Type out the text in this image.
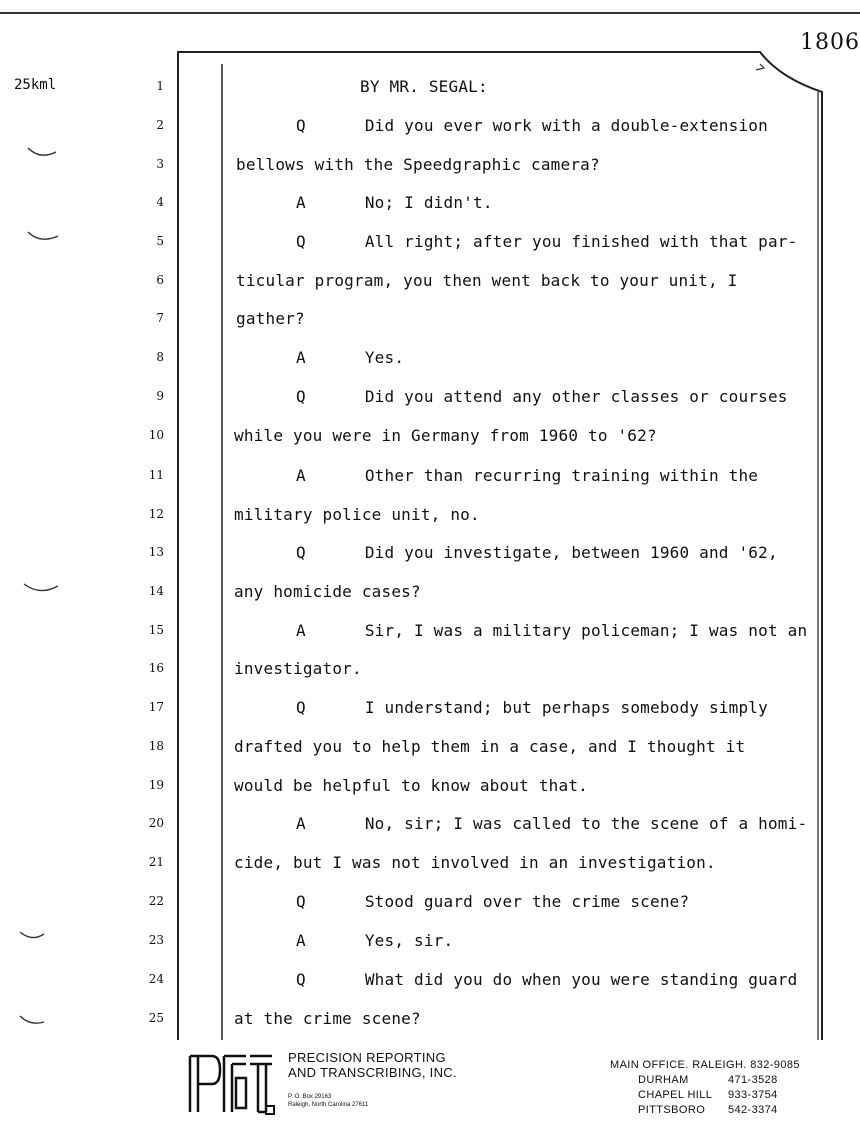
1806
25kml	1	BY MR. SEGAL:
2	Q      Did you ever work with a double-extension
3	bellows with the Speedgraphic camera?
4	A      No; I didn't.
5	Q      All right; after you finished with that par-
6	ticular program, you then went back to your unit, I
7	gather?
8	A      Yes.
9	Q      Did you attend any other classes or courses
10	while you were in Germany from 1960 to '62?
11	A      Other than recurring training within the
12	military police unit, no.
13	Q      Did you investigate, between 1960 and '62,
14	any homicide cases?
15	A      Sir, I was a military policeman; I was not an
16	investigator.
17	Q      I understand; but perhaps somebody simply
18	drafted you to help them in a case, and I thought it
19	would be helpful to know about that.
20	A      No, sir; I was called to the scene of a homi-
21	cide, but I was not involved in an investigation.
22	Q      Stood guard over the crime scene?
23	A      Yes, sir.
24	Q      What did you do when you were standing guard
25	at the crime scene?
PRECISION REPORTING
AND TRANSCRIBING, INC.
P. O. Box 29163
Raleigh, North Carolina 27611
MAIN OFFICE. RALEIGH. 832-9085
DURHAM	471-3528
CHAPEL HILL	933-3754
PITTSBORO	542-3374
